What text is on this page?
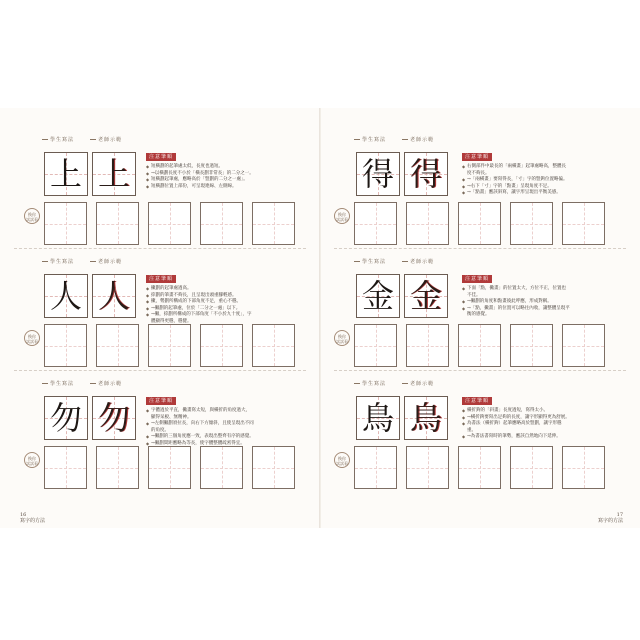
學生寫法	老師示範
上 上	注意筆順
◆ 短橫劃的起筆處太低，長度也過短。
◆ →以橫劃長度不小於「橫長劃非常長」的二分之一。
◆ 短橫劃起筆處，應略高於「豎劃的二分之一處」。
◆ 短橫劃位置上部份，可呈現連線、左側線。
換你
試試看
學生寫法	老師示範
人 人	注意筆順
◆ 撇劃的起筆處過高。
◆ 捺劃的筆畫不夠長，且呈現出頭重腳輕感。
◆ 撇，勢劃所構成的下部角度不足，重心不穩。
◆ →撇劃的起筆處，位於「二分之一處」以下。
◆ →撇，捺劃所構成的下部角度「不小於九十度」，字體顯得更穩，穩健。
換你
試試看
學生寫法	老師示範
勿 勿	注意筆順
◆ 字體過於平直，撇畫寫太短，與橫折的角度過大，顯得呆板、無精神。
◆ →左側撇劃須拉長，向右下方傾斜，且使呈現出不同的角度。
◆ →撇劃的三個角度應一致，表現出整齊有序的感覺。
◆ →撇劃間距應略為等長，使字體整體疏密得宜。
換你
試試看
學生寫法	老師示範
得 得	注意筆順
◆ 右側部件中最長的「兩橫畫」起筆處略高，整體長度不夠長。
◆ →「兩橫畫」要寫得長，「寸」字的豎鉤位置略偏。
◆ →右下「寸」字的「點畫」呈現角度不足。
◆ →「點畫」應該斜寫，讓字形呈現出平衡美感。
換你
試試看
學生寫法	老師示範
金 金	注意筆順
◆ 下面「點，撇畫」的位置太大，方位不正，位置也不佳。
◆ →撇劃的角度和點畫彼此呼應，形成對稱。
◆ →「點，撇畫」的位置可以略往內收，讓整體呈現平衡的感覺。
換你
試試看
學生寫法	老師示範
鳥 鳥	注意筆順
◆ 橫折鉤的「斜畫」長度過短，寫得太小。
◆ →橫折鉤要寫出足夠的長度，讓字形顯得更為舒展。
◆ 為書法（橫折鉤）起筆應略高於豎劃，讓字形穩重。
◆ →為書法書寫時的筆勢，應該自然地向下延伸。
換你
試試看
16
寫字的方法
17
寫字的方法
